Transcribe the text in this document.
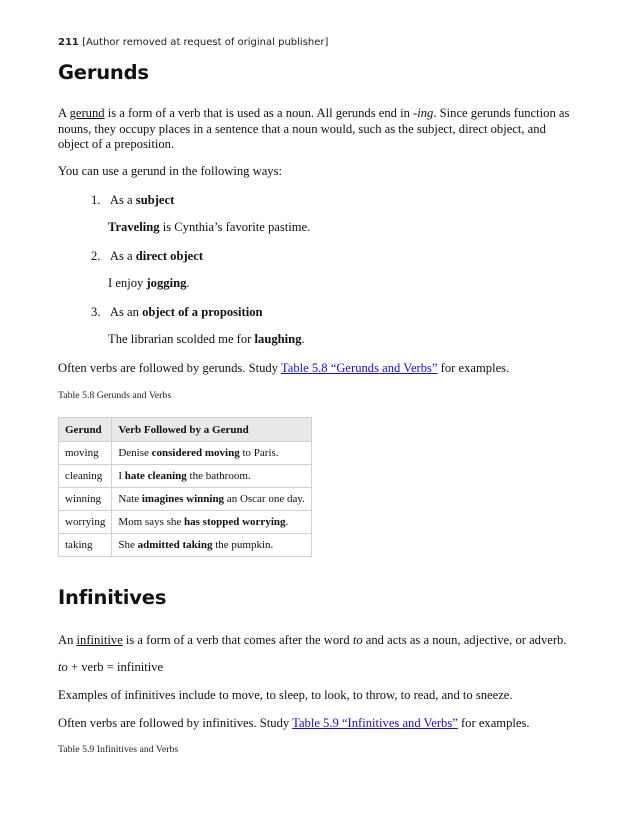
211 [Author removed at request of original publisher]
Gerunds
A gerund is a form of a verb that is used as a noun. All gerunds end in -ing. Since gerunds function as nouns, they occupy places in a sentence that a noun would, such as the subject, direct object, and object of a preposition.
You can use a gerund in the following ways:
1. As a subject
Traveling is Cynthia’s favorite pastime.
2. As a direct object
I enjoy jogging.
3. As an object of a proposition
The librarian scolded me for laughing.
Often verbs are followed by gerunds. Study Table 5.8 “Gerunds and Verbs” for examples.
Table 5.8 Gerunds and Verbs
Gerund	Verb Followed by a Gerund
moving	Denise considered moving to Paris.
cleaning	I hate cleaning the bathroom.
winning	Nate imagines winning an Oscar one day.
worrying	Mom says she has stopped worrying.
taking	She admitted taking the pumpkin.
Infinitives
An infinitive is a form of a verb that comes after the word to and acts as a noun, adjective, or adverb.
to + verb = infinitive
Examples of infinitives include to move, to sleep, to look, to throw, to read, and to sneeze.
Often verbs are followed by infinitives. Study Table 5.9 “Infinitives and Verbs” for examples.
Table 5.9 Infinitives and Verbs
